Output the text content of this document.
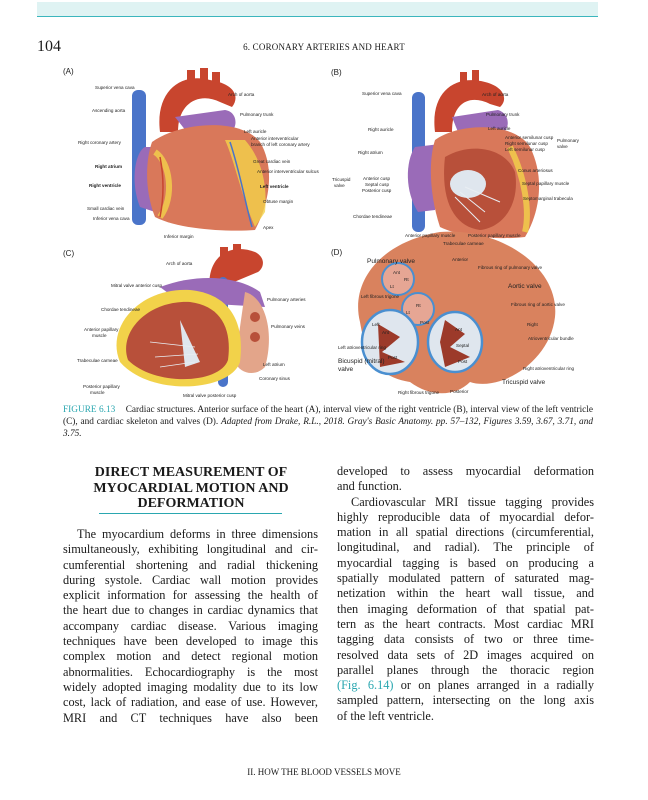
104	6. CORONARY ARTERIES AND HEART
(A)	(B)
(C)	(D)
Superior vena cava
Arch of aorta
Ascending aorta
Pulmonary trunk
Left auricle
Right coronary artery
Anterior interventricular
branch of left coronary artery
Great cardiac vein
Right atrium
Anterior interventricular sulcus
Right ventricle	Left ventricle
Obtuse margin
Small cardiac vein
Inferior vena cava
Apex
Inferior margin
Superior vena cava	Arch of aorta
Pulmonary trunk
Right auricle	Left auricle
Anterior semilunar cusp
Right semilunar cusp
Left semilunar cusp
Pulmonary
valve
Right atrium
Conus arteriosus
Tricuspid
valve
Anterior cusp
Septal cusp
Posterior cusp
Septal papillary muscle
Septomarginal trabecula
Chordae tendineae
Anterior papillary muscle	Posterior papillary muscle
Trabeculae carneae
Arch of aorta
Mitral valve anterior cusp
Pulmonary arteries
Chordae tendineae
Pulmonary veins
Anterior papillary
muscle
Trabeculae carneae
Left atrium
Coronary sinus
Posterior papillary
muscle
Mitral valve posterior cusp
Pulmonary valve	Anterior
Fibrous ring of pulmonary valve
Aortic valve
Left fibrous trigone
Fibrous ring of aortic valve
Left	Right
Atrioventricular bundle
Left atrioventricular ring
Bicuspid (mitral)
valve	Right atrioventricular ring
Tricuspid valve
Right fibrous trigone Posterior
Ant
Rt
Lt
Rt
Lt
Post
Ant
Post
Ant
Septal
Post
FIGURE 6.13 Cardiac structures. Anterior surface of the heart (A), interval view of the right ventricle (B), interval view of the left ventricle (C), and cardiac skeleton and valves (D). Adapted from Drake, R.L., 2018. Gray's Basic Anatomy. pp. 57–132, Figures 3.59, 3.67, 3.71, and 3.75.
DIRECT MEASUREMENT OF
MYOCARDIAL MOTION AND
DEFORMATION
The myocardium deforms in three dimensions
simultaneously, exhibiting longitudinal and cir-
cumferential shortening and radial thickening
during systole. Cardiac wall motion provides
explicit information for assessing the health of
the heart due to changes in cardiac dynamics that
accompany cardiac disease. Various imaging
techniques have been developed to image this
complex motion and detect regional motion
abnormalities. Echocardiography is the most
widely adopted imaging modality due to its low
cost, lack of radiation, and ease of use. However,
MRI and CT techniques have also been
developed to assess myocardial deformation
and function.
Cardiovascular MRI tissue tagging provides
highly reproducible data of myocardial defor-
mation in all spatial directions (circumferential,
longitudinal, and radial). The principle of
myocardial tagging is based on producing a
spatially modulated pattern of saturated mag-
netization within the heart wall tissue, and
then imaging deformation of that spatial pat-
tern as the heart contracts. Most cardiac MRI
tagging data consists of two or three time-
resolved data sets of 2D images acquired on
parallel planes through the thoracic region
(Fig. 6.14) or on planes arranged in a radially
sampled pattern, intersecting on the long axis
of the left ventricle.
II. HOW THE BLOOD VESSELS MOVE
